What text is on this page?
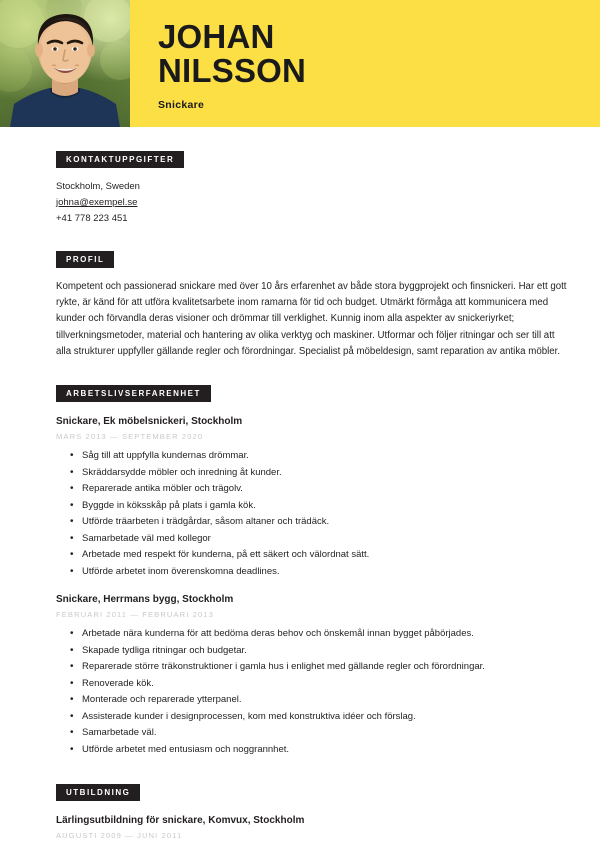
JOHAN
NILSSON
Snickare
KONTAKTUPPGIFTER
Stockholm, Sweden
johna@exempel.se
+41 778 223 451
PROFIL
Kompetent och passionerad snickare med över 10 års erfarenhet av både stora byggprojekt och finsnickeri. Har ett gott rykte, är känd för att utföra kvalitetsarbete inom ramarna för tid och budget. Utmärkt förmåga att kommunicera med kunder och förvandla deras visioner och drömmar till verklighet. Kunnig inom alla aspekter av snickeriyrket; tillverkningsmetoder, material och hantering av olika verktyg och maskiner. Utformar och följer ritningar och ser till att alla strukturer uppfyller gällande regler och förordningar. Specialist på möbeldesign, samt reparation av antika möbler.
ARBETSLIVSERFARENHET
Snickare, Ek möbelsnickeri, Stockholm
MARS 2013 — SEPTEMBER 2020
• Såg till att uppfylla kundernas drömmar.
• Skräddarsydde möbler och inredning åt kunder.
• Reparerade antika möbler och trägolv.
• Byggde in köksskåp på plats i gamla kök.
• Utförde träarbeten i trädgårdar, såsom altaner och trädäck.
• Samarbetade väl med kollegor
• Arbetade med respekt för kunderna, på ett säkert och välordnat sätt.
• Utförde arbetet inom överenskomna deadlines.
Snickare, Herrmans bygg, Stockholm
FEBRUARI 2011 — FEBRUARI 2013
• Arbetade nära kunderna för att bedöma deras behov och önskemål innan bygget påbörjades.
• Skapade tydliga ritningar och budgetar.
• Reparerade större träkonstruktioner i gamla hus i enlighet med gällande regler och förordningar.
• Renoverade kök.
• Monterade och reparerade ytterpanel.
• Assisterade kunder i designprocessen, kom med konstruktiva idéer och förslag.
• Samarbetade väl.
• Utförde arbetet med entusiasm och noggrannhet.
UTBILDNING
Lärlingsutbildning för snickare, Komvux, Stockholm
AUGUSTI 2009 — JUNI 2011
